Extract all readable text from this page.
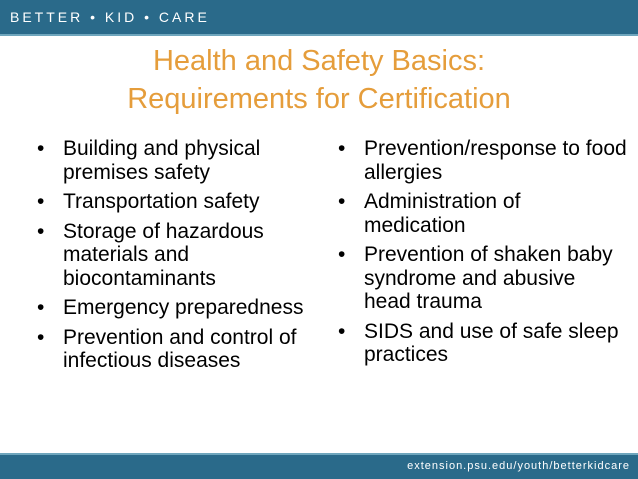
BETTER • KID • CARE
Health and Safety Basics:
Requirements for Certification
• Building and physical premises safety
• Transportation safety
• Storage of hazardous materials and biocontaminants
• Emergency preparedness
• Prevention and control of infectious diseases
• Prevention/response to food allergies
• Administration of medication
• Prevention of shaken baby syndrome and abusive head trauma
• SIDS and use of safe sleep practices
extension.psu.edu/youth/betterkidcare
